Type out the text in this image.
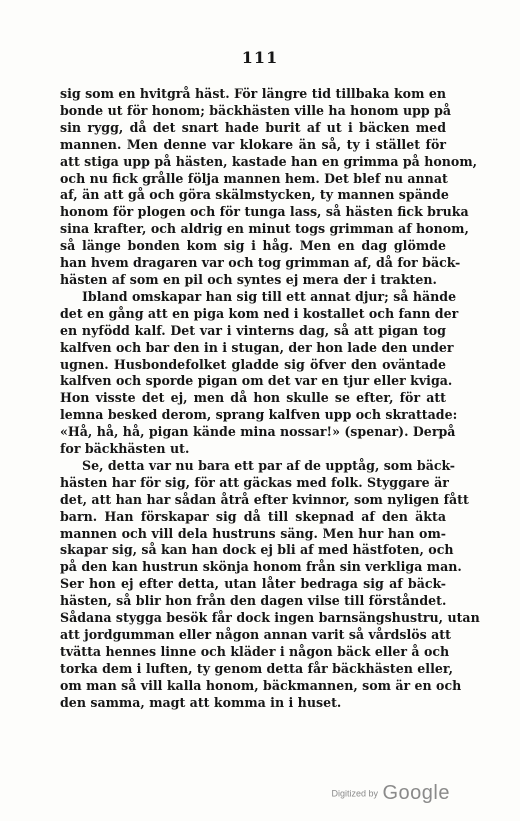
111
sig som en hvitgrå häst. För längre tid tillbaka kom en
bonde ut för honom; bäckhästen ville ha honom upp på
sin rygg, då det snart hade burit af ut i bäcken med
mannen. Men denne var klokare än så, ty i stället för
att stiga upp på hästen, kastade han en grimma på honom,
och nu fick grålle följa mannen hem. Det blef nu annat
af, än att gå och göra skälmstycken, ty mannen spände
honom för plogen och för tunga lass, så hästen fick bruka
sina krafter, och aldrig en minut togs grimman af honom,
så länge bonden kom sig i håg. Men en dag glömde
han hvem dragaren var och tog grimman af, då for bäck-
hästen af som en pil och syntes ej mera der i trakten.
Ibland omskapar han sig till ett annat djur; så hände
det en gång att en piga kom ned i kostallet och fann der
en nyfödd kalf. Det var i vinterns dag, så att pigan tog
kalfven och bar den in i stugan, der hon lade den under
ugnen. Husbondefolket gladde sig öfver den oväntade
kalfven och sporde pigan om det var en tjur eller kviga.
Hon visste det ej, men då hon skulle se efter, för att
lemna besked derom, sprang kalfven upp och skrattade:
«Hå, hå, hå, pigan kände mina nossar!» (spenar). Derpå
for bäckhästen ut.
Se, detta var nu bara ett par af de upptåg, som bäck-
hästen har för sig, för att gäckas med folk. Styggare är
det, att han har sådan åtrå efter kvinnor, som nyligen fått
barn. Han förskapar sig då till skepnad af den äkta
mannen och vill dela hustruns säng. Men hur han om-
skapar sig, så kan han dock ej bli af med hästfoten, och
på den kan hustrun skönja honom från sin verkliga man.
Ser hon ej efter detta, utan låter bedraga sig af bäck-
hästen, så blir hon från den dagen vilse till förståndet.
Sådana stygga besök får dock ingen barnsängshustru, utan
att jordgumman eller någon annan varit så vårdslös att
tvätta hennes linne och kläder i någon bäck eller å och
torka dem i luften, ty genom detta får bäckhästen eller,
om man så vill kalla honom, bäckmannen, som är en och
den samma, magt att komma in i huset.
Digitized by Google
